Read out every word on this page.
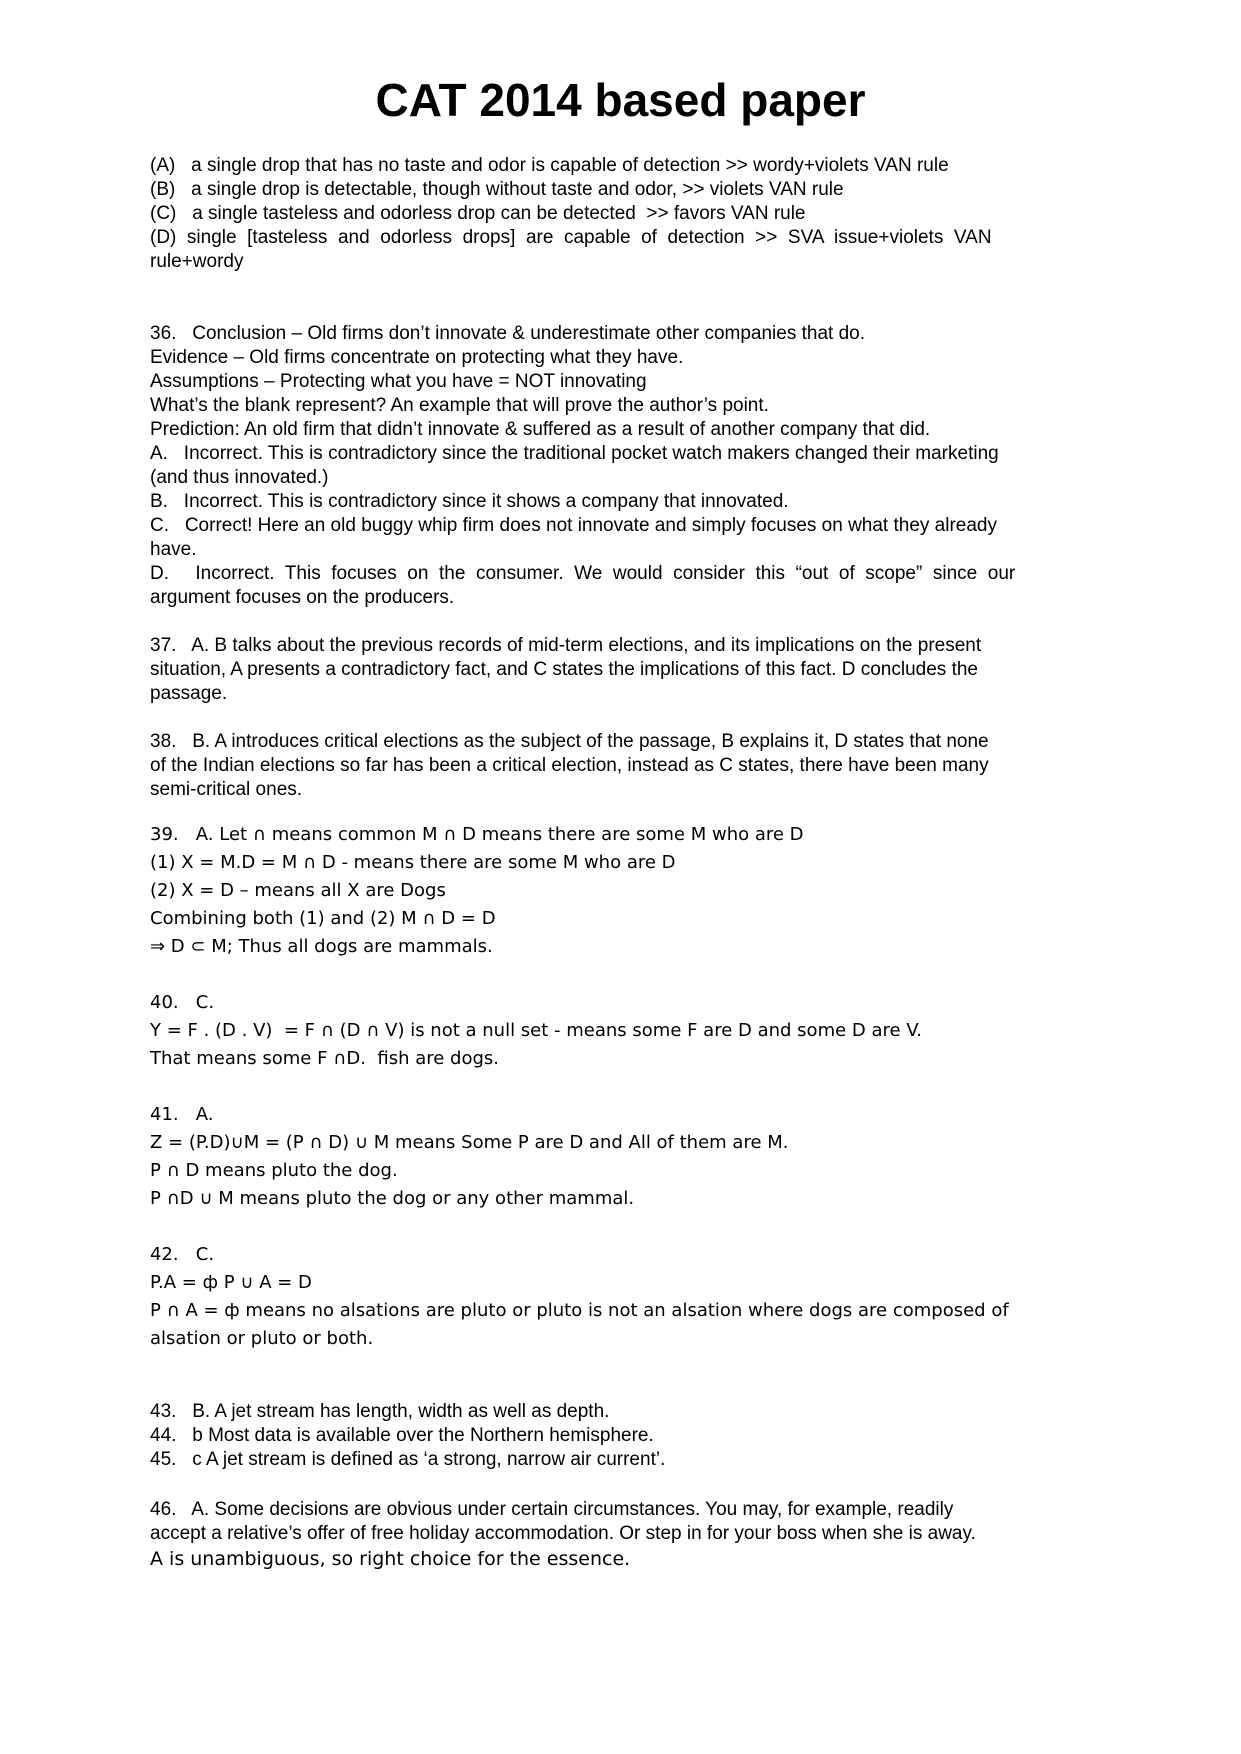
CAT 2014 based paper
(A)   a single drop that has no taste and odor is capable of detection >> wordy+violets VAN rule
(B)   a single drop is detectable, though without taste and odor, >> violets VAN rule
(C)   a single tasteless and odorless drop can be detected  >> favors VAN rule
(D)  single  [tasteless  and  odorless  drops]  are  capable  of  detection  >>  SVA  issue+violets  VAN
rule+wordy
36.   Conclusion – Old firms don’t innovate & underestimate other companies that do.
Evidence – Old firms concentrate on protecting what they have.
Assumptions – Protecting what you have = NOT innovating
What’s the blank represent? An example that will prove the author’s point.
Prediction: An old firm that didn’t innovate & suffered as a result of another company that did.
A.   Incorrect. This is contradictory since the traditional pocket watch makers changed their marketing
(and thus innovated.)
B.   Incorrect. This is contradictory since it shows a company that innovated.
C.   Correct! Here an old buggy whip firm does not innovate and simply focuses on what they already
have.
D.     Incorrect.  This  focuses  on  the  consumer.  We  would  consider  this  “out  of  scope”  since  our
argument focuses on the producers.
37.   A. B talks about the previous records of mid-term elections, and its implications on the present
situation, A presents a contradictory fact, and C states the implications of this fact. D concludes the
passage.
38.   B. A introduces critical elections as the subject of the passage, B explains it, D states that none
of the Indian elections so far has been a critical election, instead as C states, there have been many
semi-critical ones.
39.   A. Let ∩ means common M ∩ D means there are some M who are D
(1) X = M.D = M ∩ D - means there are some M who are D
(2) X = D – means all X are Dogs
Combining both (1) and (2) M ∩ D = D
⇒ D ⊂ M; Thus all dogs are mammals.
40.   C.
Y = F . (D . V)  = F ∩ (D ∩ V) is not a null set - means some F are D and some D are V.
That means some F ∩D.  fish are dogs.
41.   A.
Z = (P.D)∪M = (P ∩ D) ∪ M means Some P are D and All of them are M.
P ∩ D means pluto the dog.
P ∩D ∪ M means pluto the dog or any other mammal.
42.   C.
P.A = ф P ∪ A = D
P ∩ A = ф means no alsations are pluto or pluto is not an alsation where dogs are composed of
alsation or pluto or both.
43.   B. A jet stream has length, width as well as depth.
44.   b Most data is available over the Northern hemisphere.
45.   c A jet stream is defined as ‘a strong, narrow air current’.
46.   A. Some decisions are obvious under certain circumstances. You may, for example, readily
accept a relative’s offer of free holiday accommodation. Or step in for your boss when she is away.
A is unambiguous, so right choice for the essence.
